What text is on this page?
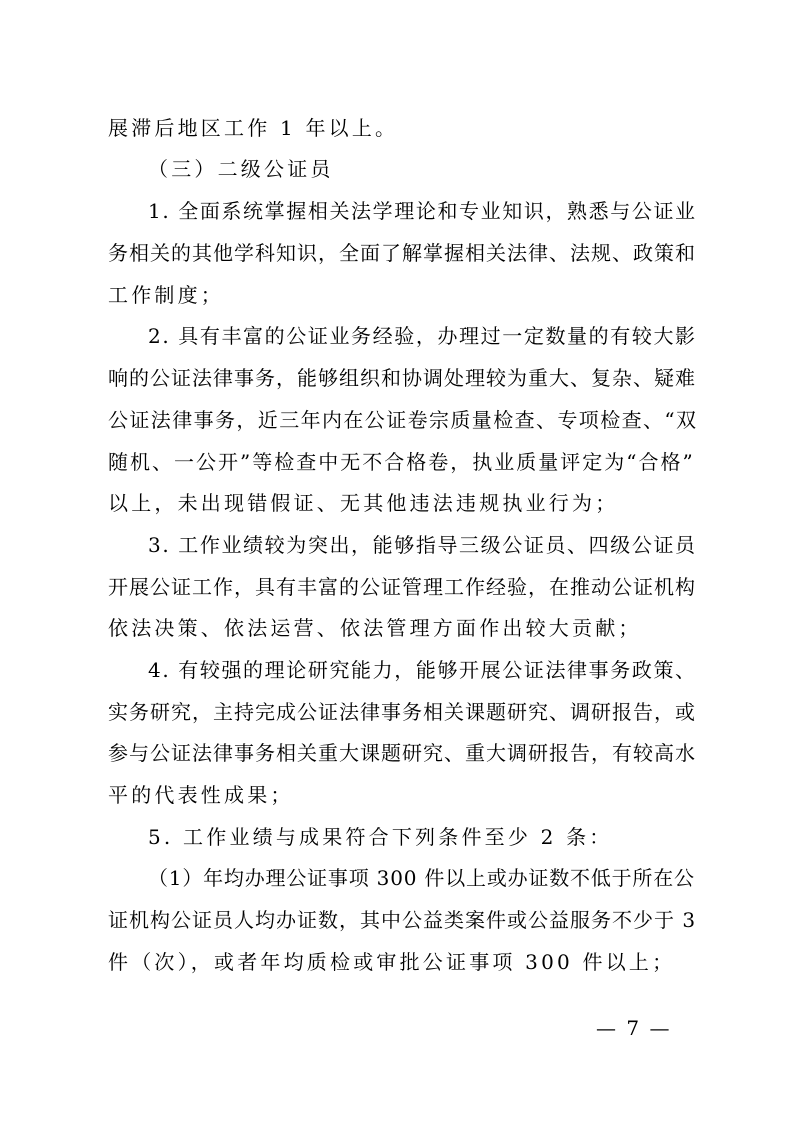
展滞后地区工作 1 年以上。
（三）二级公证员
1. 全面系统掌握相关法学理论和专业知识，熟悉与公证业
务相关的其他学科知识，全面了解掌握相关法律、法规、政策和
工作制度；
2. 具有丰富的公证业务经验，办理过一定数量的有较大影
响的公证法律事务，能够组织和协调处理较为重大、复杂、疑难
公证法律事务，近三年内在公证卷宗质量检查、专项检查、“双
随机、一公开”等检查中无不合格卷，执业质量评定为“合格”
以上，未出现错假证、无其他违法违规执业行为；
3. 工作业绩较为突出，能够指导三级公证员、四级公证员
开展公证工作，具有丰富的公证管理工作经验，在推动公证机构
依法决策、依法运营、依法管理方面作出较大贡献；
4. 有较强的理论研究能力，能够开展公证法律事务政策、
实务研究，主持完成公证法律事务相关课题研究、调研报告，或
参与公证法律事务相关重大课题研究、重大调研报告，有较高水
平的代表性成果；
5. 工作业绩与成果符合下列条件至少 2 条：
（1）年均办理公证事项 300 件以上或办证数不低于所在公
证机构公证员人均办证数，其中公益类案件或公益服务不少于 3
件（次），或者年均质检或审批公证事项 300 件以上；
— 7 —
